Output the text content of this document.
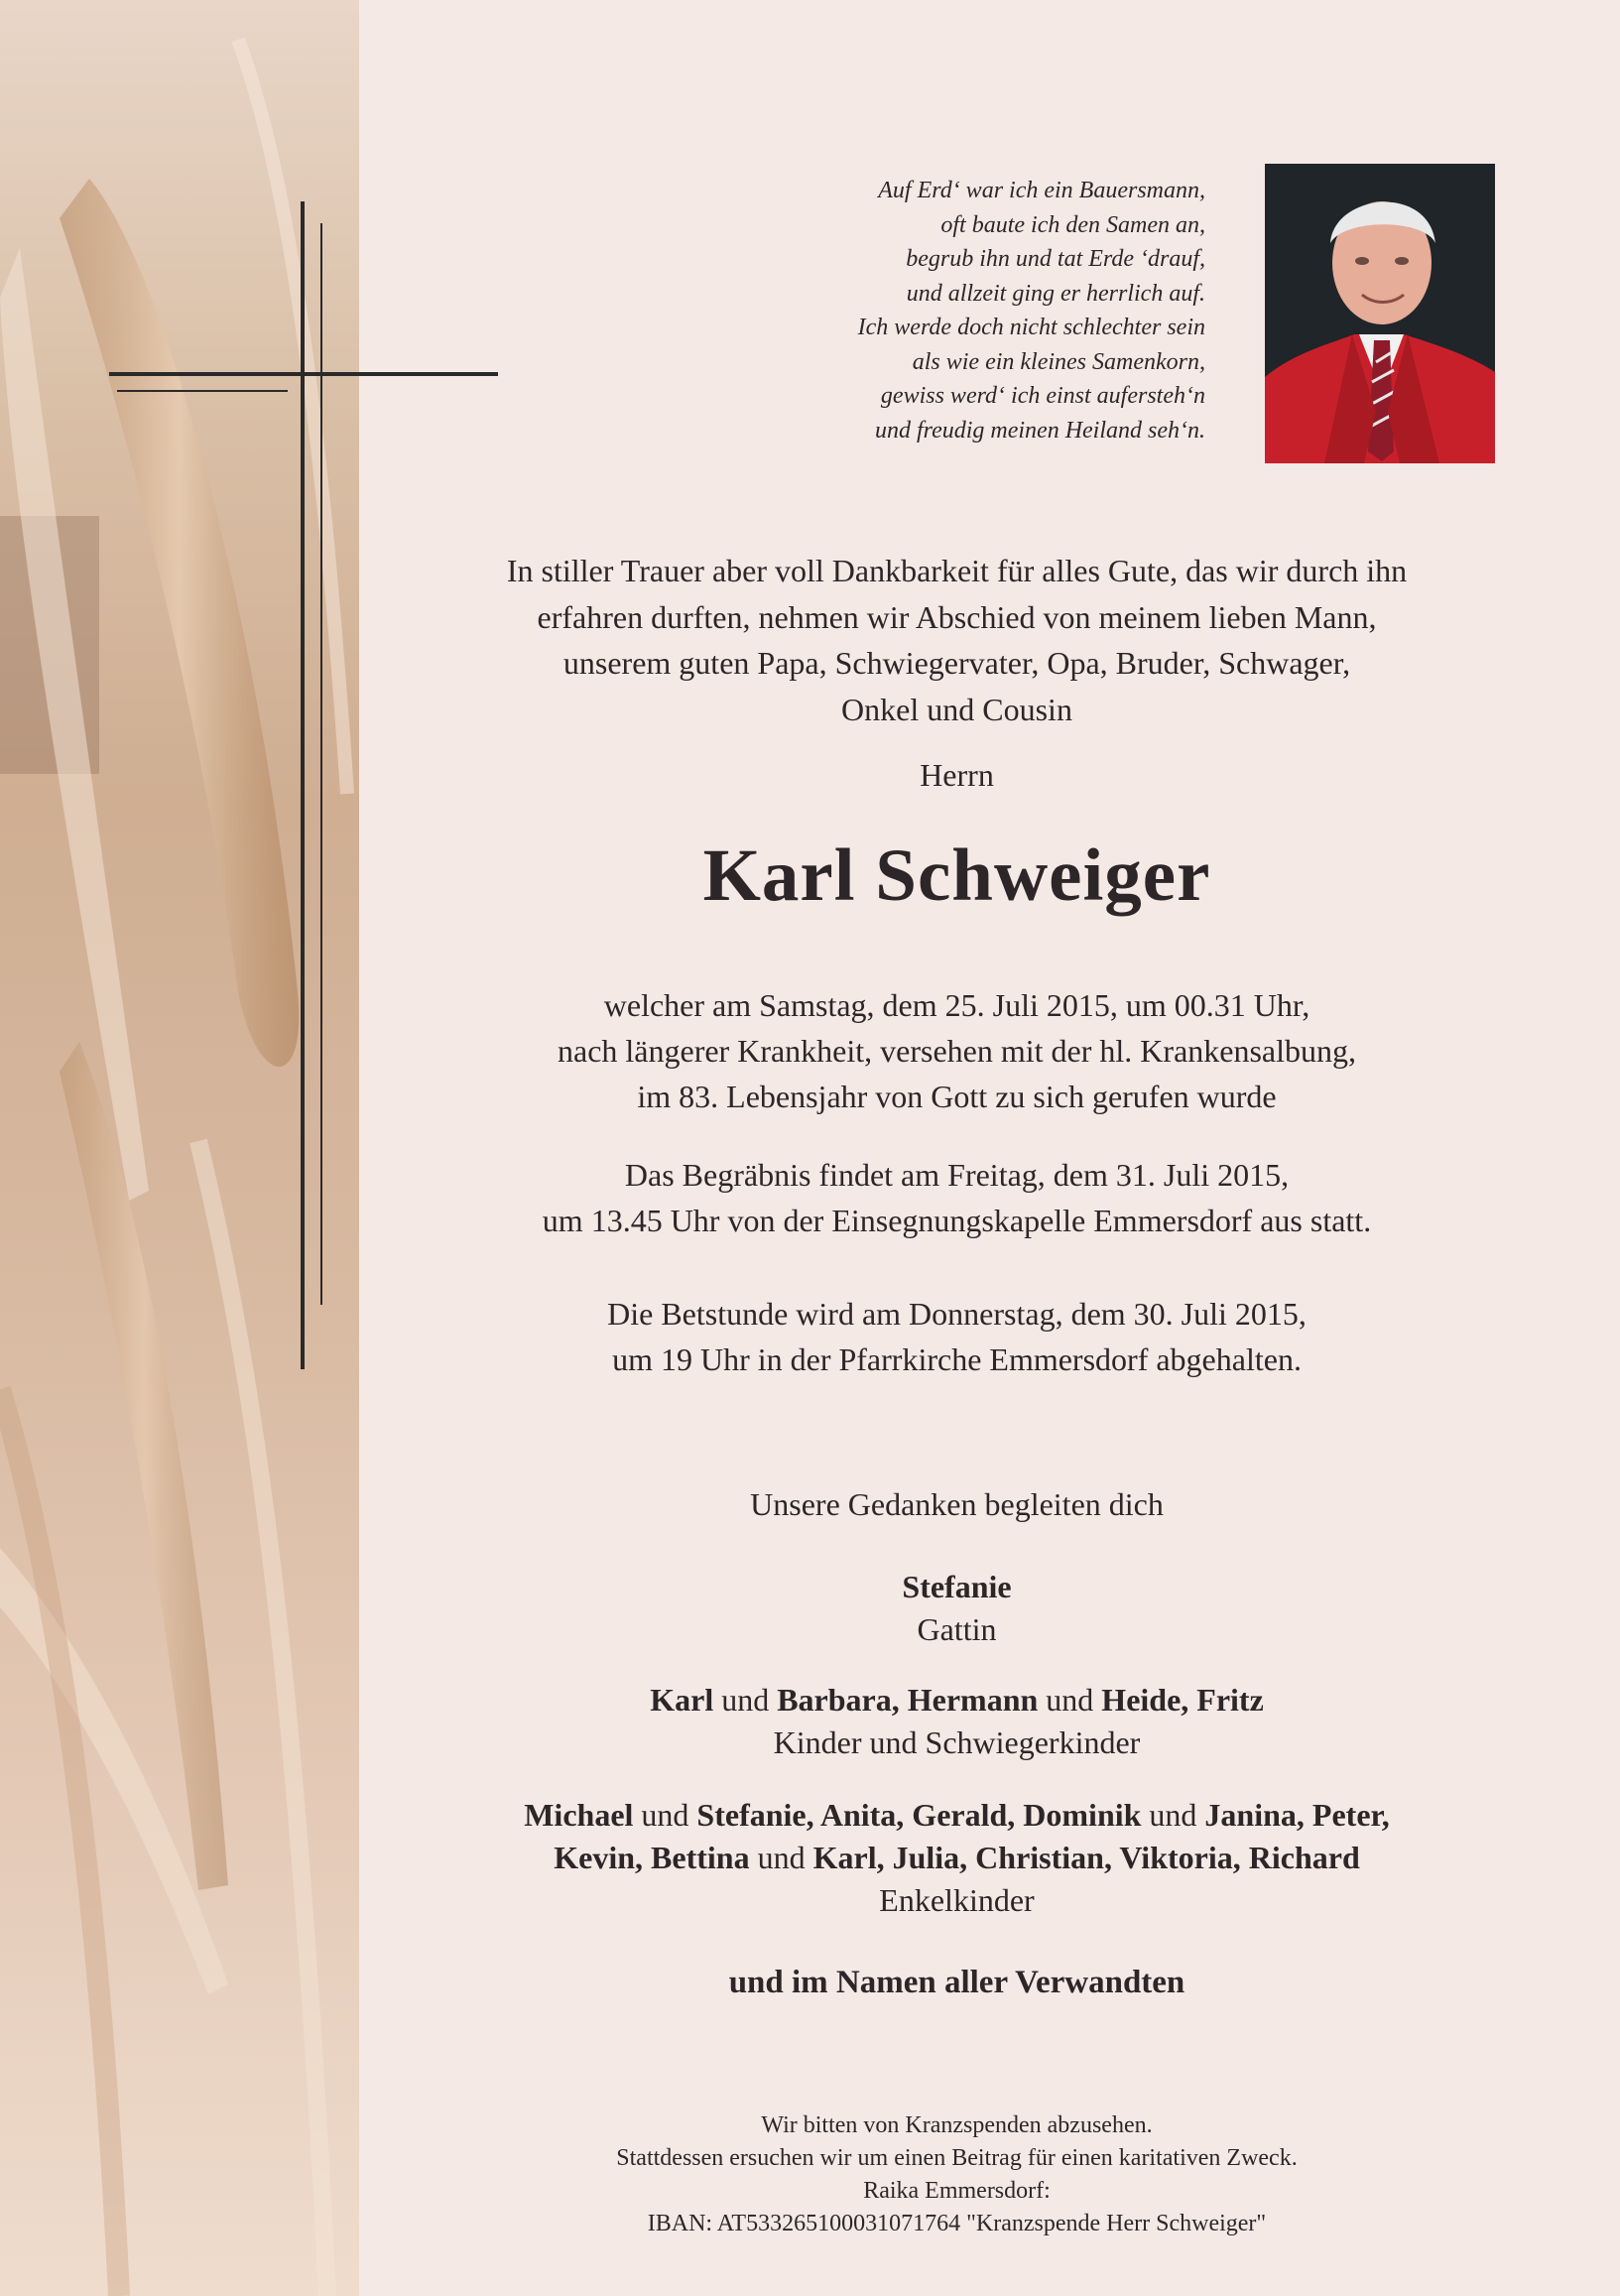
Auf Erd‘ war ich ein Bauersmann,
oft baute ich den Samen an,
begrub ihn und tat Erde ‘drauf,
und allzeit ging er herrlich auf.
Ich werde doch nicht schlechter sein
als wie ein kleines Samenkorn,
gewiss werd‘ ich einst aufersteh‘n
und freudig meinen Heiland seh‘n.
In stiller Trauer aber voll Dankbarkeit für alles Gute, das wir durch ihn
erfahren durften, nehmen wir Abschied von meinem lieben Mann,
unserem guten Papa, Schwiegervater, Opa, Bruder, Schwager,
Onkel und Cousin
Herrn
Karl Schweiger
welcher am Samstag, dem 25. Juli 2015, um 00.31 Uhr,
nach längerer Krankheit, versehen mit der hl. Krankensalbung,
im 83. Lebensjahr von Gott zu sich gerufen wurde
Das Begräbnis findet am Freitag, dem 31. Juli 2015,
um 13.45 Uhr von der Einsegnungskapelle Emmersdorf aus statt.
Die Betstunde wird am Donnerstag, dem 30. Juli 2015,
um 19 Uhr in der Pfarrkirche Emmersdorf abgehalten.
Unsere Gedanken begleiten dich
Stefanie
Gattin
Karl und Barbara, Hermann und Heide, Fritz
Kinder und Schwiegerkinder
Michael und Stefanie, Anita, Gerald, Dominik und Janina, Peter,
Kevin, Bettina und Karl, Julia, Christian, Viktoria, Richard
Enkelkinder
und im Namen aller Verwandten
Wir bitten von Kranzspenden abzusehen.
Stattdessen ersuchen wir um einen Beitrag für einen karitativen Zweck.
Raika Emmersdorf:
IBAN: AT533265100031071764 "Kranzspende Herr Schweiger"
